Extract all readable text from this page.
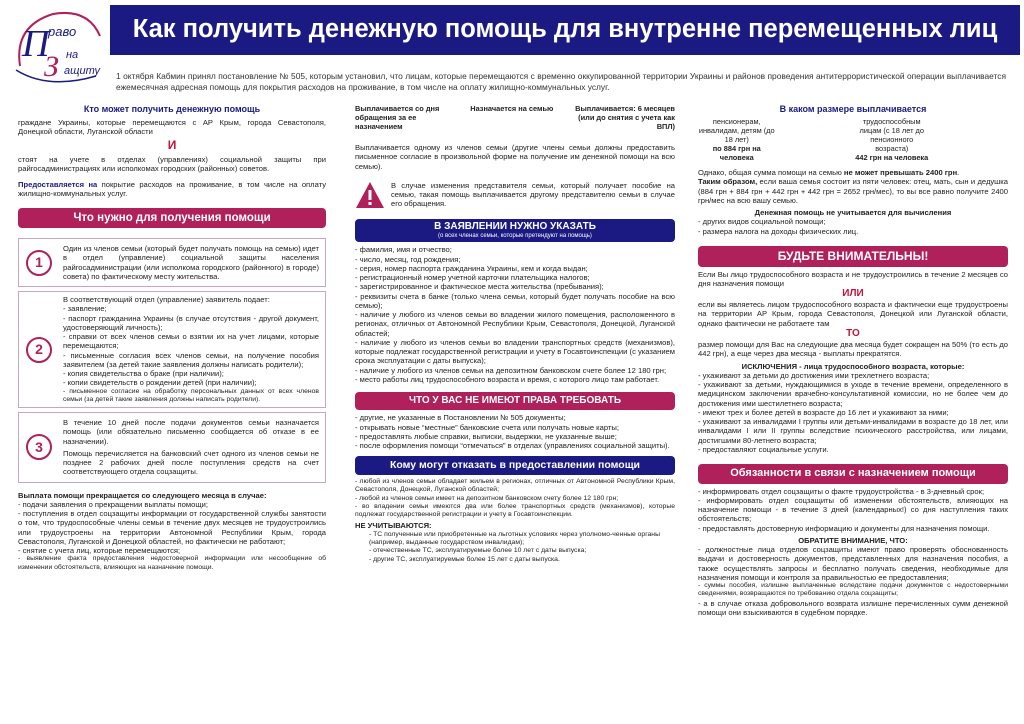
П
раво
З на
ащиту
Как получить денежную помощь для внутренне перемещенных лиц
1 октября Кабмин принял постановление № 505, которым установил, что лицам, которые перемещаются с временно оккупированной территории Украины и районов проведения антитеррористической операции выплачивается ежемесячная адресная помощь для покрытия расходов на проживание, в том числе на оплату жилищно-коммунальных услуг.
Кто может получить денежную помощь
граждане Украины, которые перемещаются с АР Крым, города Севастополя, Донецкой области, Луганской области
И
стоят на учете в отделах (управлениях) социальной защиты при райгосадминистрациях или исполкомах городских (районных) советов.
Предоставляется на покрытие расходов на проживание, в том числе на оплату жилищно-коммунальных услуг.
Что нужно для получения помощи
1
Один из членов семьи (который будет получать помощь на семью) идет в отдел (управление) социальной защиты населения райгосадминистрации (или исполкома городского (районного) в городе) совета) по фактическому месту жительства.
2
В соответствующий отдел (управление) заявитель подает:
- заявление;
- паспорт гражданина Украины (в случае отсутствия - другой документ, удостоверяющий личность);
- справки от всех членов семьи о взятии их на учет лицами, которые перемещаются;
- письменные согласия всех членов семьи, на получение пособия заявителем (за детей такие заявления должны написать родители);
- копия свидетельства о браке (при наличии);
- копии свидетельств о рождении детей (при наличии);
- письменное согласие на обработку персональных данных от всех членов семьи (за детей такие заявления должны написать родители).
3
В течение 10 дней после подачи документов семьи назначается помощь (или обязательно письменно сообщается об отказе в ее назначении).
Помощь перечисляется на банковский счет одного из членов семьи не позднее 2 рабочих дней после поступления средств на счет соответствующего отдела соцзащиты.
Выплата помощи прекращается со следующего месяца в случае:
- подачи заявления о прекращении выплаты помощи;
- поступления в отдел соцзащиты информации от государственной службы занятости о том, что трудоспособные члены семьи в течение двух месяцев не трудоустроились или трудоустроены на территории Автономной Республики Крым, города Севастополя, Луганской и Донецкой областей, но фактически не работают;
- снятие с учета лиц, которые перемещаются;
- выявление факта предоставления недостоверной информации или несообщение об изменении обстоятельств, влияющих на назначение помощи.
Выплачивается со дня обращения за ее назначением
Назначается на семью	Выплачивается: 6 месяцев (или до снятия с учета как ВПЛ)
Выплачивается одному из членов семьи (другие члены семьи должны предоставить письменное согласие в произвольной форме на получение им денежной помощи на всю семью).
В случае изменения представителя семьи, который получает пособие на семью, такая помощь выплачивается другому представителю семьи в случае его обращения.
В ЗАЯВЛЕНИИ НУЖНО УКАЗАТЬ
(о всех членах семьи, которые претендуют на помощь)
- фамилия, имя и отчество;
- число, месяц, год рождения;
- серия, номер паспорта гражданина Украины, кем и когда выдан;
- регистрационный номер учетной карточки плательщика налогов;
- зарегистрированное и фактическое места жительства (пребывания);
- реквизиты счета в банке (только члена семьи, который будет получать пособие на всю семью);
- наличие у любого из членов семьи во владении жилого помещения, расположенного в регионах, отличных от Автономной Республики Крым, Севастополя, Донецкой, Луганской областей;
- наличие у любого из членов семьи во владении транспортных средств (механизмов), которые подлежат государственной регистрации и учету в Госавтоинспекции (с указанием срока эксплуатации с даты выпуска);
- наличие у любого из членов семьи на депозитном банковском счете более 12 180 грн;
- место работы лиц трудоспособного возраста и время, с которого лицо там работает.
ЧТО У ВАС НЕ ИМЕЮТ ПРАВА ТРЕБОВАТЬ
- другие, не указанные в Постановлении № 505 документы;
- открывать новые “местные” банковские счета или получать новые карты;
- предоставлять любые справки, выписки, выдержки, не указанные выше;
- после оформления помощи “отмечаться” в отделах (управлениях социальной защиты).
Кому могут отказать в предоставлении помощи
- любой из членов семьи обладает жильем в регионах, отличных от Автономной Республики Крым, Севастополя, Донецкой, Луганской областей;
- любой из членов семьи имеет на депозитном банковском счету более 12 180 грн;
- во владении семьи имеются два или более транспортных средств (механизмов), которые подлежат государственной регистрации и учету в Госавтоинспекции.
НЕ УЧИТЫВАЮТСЯ:
- ТС полученные или приобретенные на льготных условиях через уполномо-ченные органы (например, выданные государством инвалидам);
- отечественные ТС, эксплуатируемые более 10 лет с даты выпуска;
- другие ТС, эксплуатируемые более 15 лет с даты выпуска.
В каком размере выплачивается
пенсионерам, инвалидам, детям (до 18 лет)
по 884 грн на человека
трудоспособным лицам (с 18 лет до пенсионного возраста)
442 грн на человека
Однако, общая сумма помощи на семью не может превышать 2400 грн.
Таким образом, если ваша семья состоит из пяти человек: отец, мать, сын и дедушка (884 грн + 884 грн + 442 грн + 442 грн = 2652 грн/мес), то вы все равно получите 2400 грн/мес на всю вашу семью.
Денежная помощь не учитывается для вычисления
- других видов социальной помощи;
- размера налога на доходы физических лиц.
БУДЬТЕ ВНИМАТЕЛЬНЫ!
Если Вы лицо трудоспособного возраста и не трудоустроились в течение 2 месяцев со дня назначения помощи
ИЛИ
если вы являетесь лицом трудоспособного возраста и фактически еще трудоустроены на территории АР Крым, города Севастополя, Донецкой или Луганской области, однако фактически не работаете там
ТО
размер помощи для Вас на следующие два месяца будет сокращен на 50% (то есть до 442 грн), а еще через два месяца - выплаты прекратятся.
ИСКЛЮЧЕНИЯ - лица трудоспособного возраста, которые:
- ухаживают за детьми до достижения ими трехлетнего возраста;
- ухаживают за детьми, нуждающимися в уходе в течение времени, определенного в медицинском заключении врачебно-консультативной комиссии, но не более чем до достижения ими шестилетнего возраста;
- имеют трех и более детей в возрасте до 16 лет и ухаживают за ними;
- ухаживают за инвалидами I группы или детьми-инвалидами в возрасте до 18 лет, или инвалидами I или II группы вследствие психического расстройства, или лицами, достигшими 80-летнего возраста;
- предоставляют социальные услуги.
Обязанности в связи с назначением помощи
- информировать отдел соцзащиты о факте трудоустройства - в 3-дневный срок;
- информировать отдел соцзащиты об изменении обстоятельств, влияющих на назначение помощи - в течение 3 дней (календарных!) со дня наступления таких обстоятельств;
- предоставлять достоверную информацию и документы для назначения помощи.
ОБРАТИТЕ ВНИМАНИЕ, ЧТО:
- должностные лица отделов соцзащиты имеют право проверять обоснованность выдачи и достоверность документов, представленных для назначения пособия, а также осуществлять запросы и бесплатно получать сведения, необходимые для назначения помощи и контроля за правильностью ее предоставления;
- суммы пособия, излишне выплаченные вследствие подачи документов с недостоверными сведениями, возвращаются по требованию отдела соцзащиты;
- а в случае отказа добровольного возврата излишне перечисленных сумм денежной помощи они взыскиваются в судебном порядке.
